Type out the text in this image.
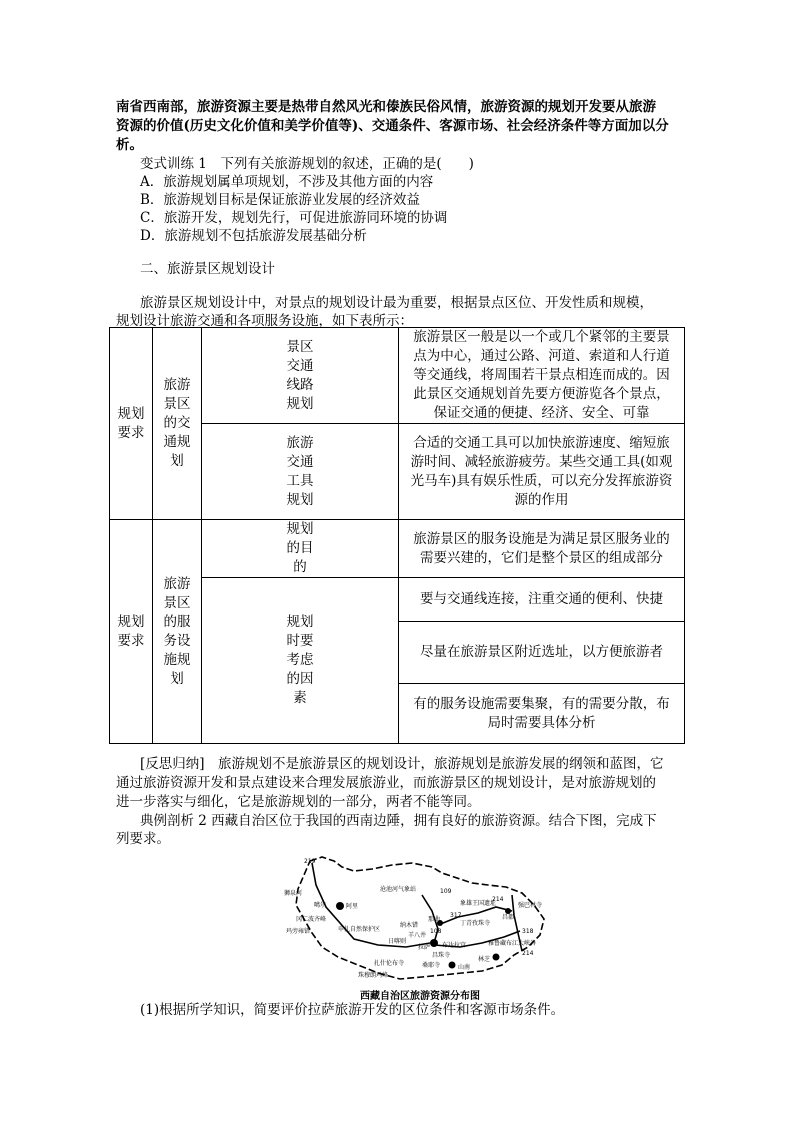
南省西南部，旅游资源主要是热带自然风光和傣族民俗风情，旅游资源的规划开发要从旅游
资源的价值(历史文化价值和美学价值等)、交通条件、客源市场、社会经济条件等方面加以分
析。
变式训练 1　下列有关旅游规划的叙述，正确的是(　　)
A．旅游规划属单项规划，不涉及其他方面的内容
B．旅游规划目标是保证旅游业发展的经济效益
C．旅游开发，规划先行，可促进旅游同环境的协调
D．旅游规划不包括旅游发展基础分析
二、旅游景区规划设计
旅游景区规划设计中，对景点的规划设计最为重要，根据景点区位、开发性质和规模，
规划设计旅游交通和各项服务设施，如下表所示：
规划要求	旅游景区的交通规划	景区交通线路规划	旅游景区一般是以一个或几个紧邻的主要景
点为中心，通过公路、河道、索道和人行道
等交通线，将周围若干景点相连而成的。因
此景区交通规划首先要方便游览各个景点，
保证交通的便捷、经济、安全、可靠

		旅游交通工具规划	合适的交通工具可以加快旅游速度、缩短旅
游时间、减轻旅游疲劳。某些交通工具(如观
光马车)具有娱乐性质，可以充分发挥旅游资
源的作用

规划要求	旅游景区的服务设施规划	规划的目的	旅游景区的服务设施是为满足景区服务业的
需要兴建的，它们是整个景区的组成部分

		规划时要考虑的因素	要与交通线连接，注重交通的便利、快捷

			尽量在旅游景区附近选址，以方便旅游者

			有的服务设施需要集聚，有的需要分散，布
局时需要具体分析
[反思归纳]　旅游规划不是旅游景区的规划设计，旅游规划是旅游发展的纲领和蓝图，它
通过旅游资源开发和景点建设来合理发展旅游业，而旅游景区的规划设计，是对旅游规划的
进一步落实与细化，它是旅游规划的一部分，两者不能等同。
典例剖析 2 西藏自治区位于我国的西南边陲，拥有良好的旅游资源。结合下图，完成下
列要求。
219
狮泉河
噶尔	阿里
冈仁波齐峰
玛旁雍错	申扎自然保护区
纳木错
沧池河气象站	109
象雄王国遗址
317
那曲
214
丁青孜珠寺
昌都
强巴林寺
318
日喀则
羊八井
拉萨 布达拉宫	雅鲁藏布江大峡谷
林芝
山南
珠穆朗玛峰
扎什伦布寺	桑耶寺
昌珠寺
108
214
西藏自治区旅游资源分布图
(1)根据所学知识，简要评价拉萨旅游开发的区位条件和客源市场条件。
